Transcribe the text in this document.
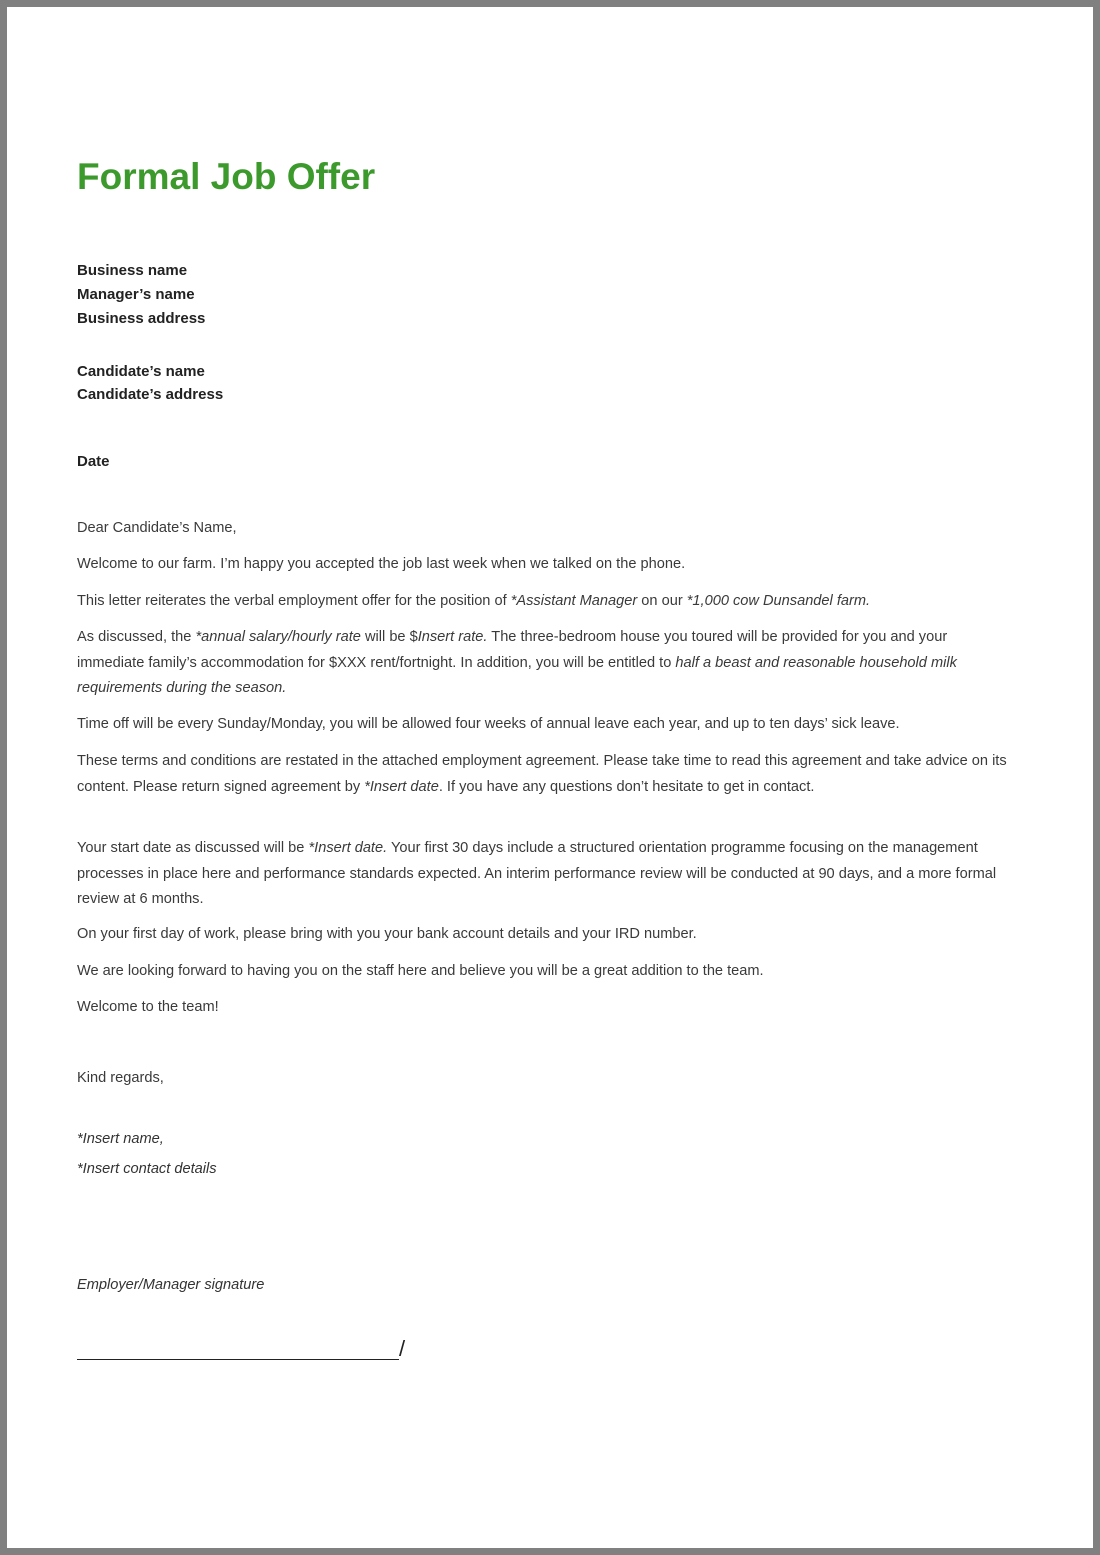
Formal Job Offer
Business name
Manager’s name
Business address
Candidate’s name
Candidate’s address
Date

Dear Candidate’s Name,

Welcome to our farm. I’m happy you accepted the job last week when we talked on the phone.

This letter reiterates the verbal employment offer for the position of *Assistant Manager on our *1,000 cow Dunsandel farm.

As discussed, the *annual salary/hourly rate will be $Insert rate. The three-bedroom house you toured will be provided for you and your immediate family’s accommodation for $XXX rent/fortnight. In addition, you will be entitled to half a beast and reasonable household milk requirements during the season.

Time off will be every Sunday/Monday, you will be allowed four weeks of annual leave each year, and up to ten days’ sick leave.

These terms and conditions are restated in the attached employment agreement. Please take time to read this agreement and take advice on its content. Please return signed agreement by *Insert date. If you have any questions don’t hesitate to get in contact.

Your start date as discussed will be *Insert date. Your first 30 days include a structured orientation programme focusing on the management processes in place here and performance standards expected. An interim performance review will be conducted at 90 days, and a more formal review at 6 months.

On your first day of work, please bring with you your bank account details and your IRD number.

We are looking forward to having you on the staff here and believe you will be a great addition to the team.

Welcome to the team!

Kind regards,

*Insert name,
*Insert contact details
Employer/Manager signature
/
